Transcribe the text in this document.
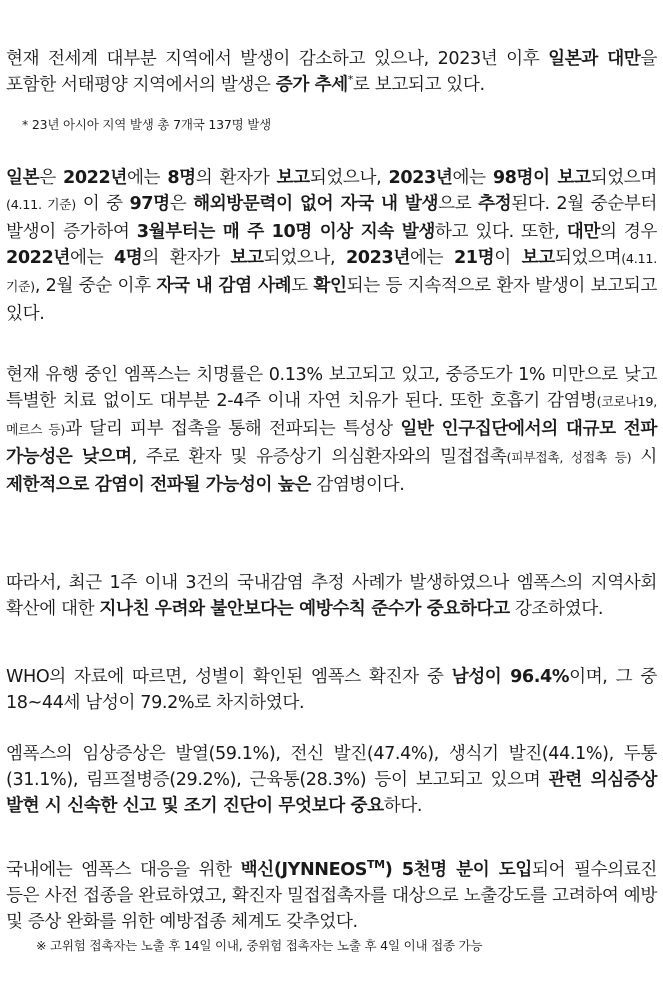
현재 전세계 대부분 지역에서 발생이 감소하고 있으나, 2023년 이후 일본과 대만을 포함한 서태평양 지역에서의 발생은 증가 추세*로 보고되고 있다.

* 23년 아시아 지역 발생 총 7개국 137명 발생

일본은 2022년에는 8명의 환자가 보고되었으나, 2023년에는 98명이 보고되었으며(4.11. 기준) 이 중 97명은 해외방문력이 없어 자국 내 발생으로 추정된다. 2월 중순부터 발생이 증가하여 3월부터는 매 주 10명 이상 지속 발생하고 있다. 또한, 대만의 경우 2022년에는 4명의 환자가 보고되었으나, 2023년에는 21명이 보고되었으며(4.11. 기준), 2월 중순 이후 자국 내 감염 사례도 확인되는 등 지속적으로 환자 발생이 보고되고 있다.

현재 유행 중인 엠폭스는 치명률은 0.13% 보고되고 있고, 중증도가 1% 미만으로 낮고 특별한 치료 없이도 대부분 2-4주 이내 자연 치유가 된다. 또한 호흡기 감염병(코로나19, 메르스 등)과 달리 피부 접촉을 통해 전파되는 특성상 일반 인구집단에서의 대규모 전파 가능성은 낮으며, 주로 환자 및 유증상기 의심환자와의 밀접접촉(피부접촉, 성접촉 등) 시 제한적으로 감염이 전파될 가능성이 높은 감염병이다.

따라서, 최근 1주 이내 3건의 국내감염 추정 사례가 발생하였으나 엠폭스의 지역사회 확산에 대한 지나친 우려와 불안보다는 예방수칙 준수가 중요하다고 강조하였다.

WHO의 자료에 따르면, 성별이 확인된 엠폭스 확진자 중 남성이 96.4%이며, 그 중 18~44세 남성이 79.2%로 차지하였다.

엠폭스의 임상증상은 발열(59.1%), 전신 발진(47.4%), 생식기 발진(44.1%), 두통(31.1%), 림프절병증(29.2%), 근육통(28.3%) 등이 보고되고 있으며 관련 의심증상 발현 시 신속한 신고 및 조기 진단이 무엇보다 중요하다.

국내에는 엠폭스 대응을 위한 백신(JYNNEOS™) 5천명 분이 도입되어 필수의료진 등은 사전 접종을 완료하였고, 확진자 밀접접촉자를 대상으로 노출강도를 고려하여 예방 및 증상 완화를 위한 예방접종 체계도 갖추었다.

※ 고위험 접촉자는 노출 후 14일 이내, 중위험 접촉자는 노출 후 4일 이내 접종 가능
